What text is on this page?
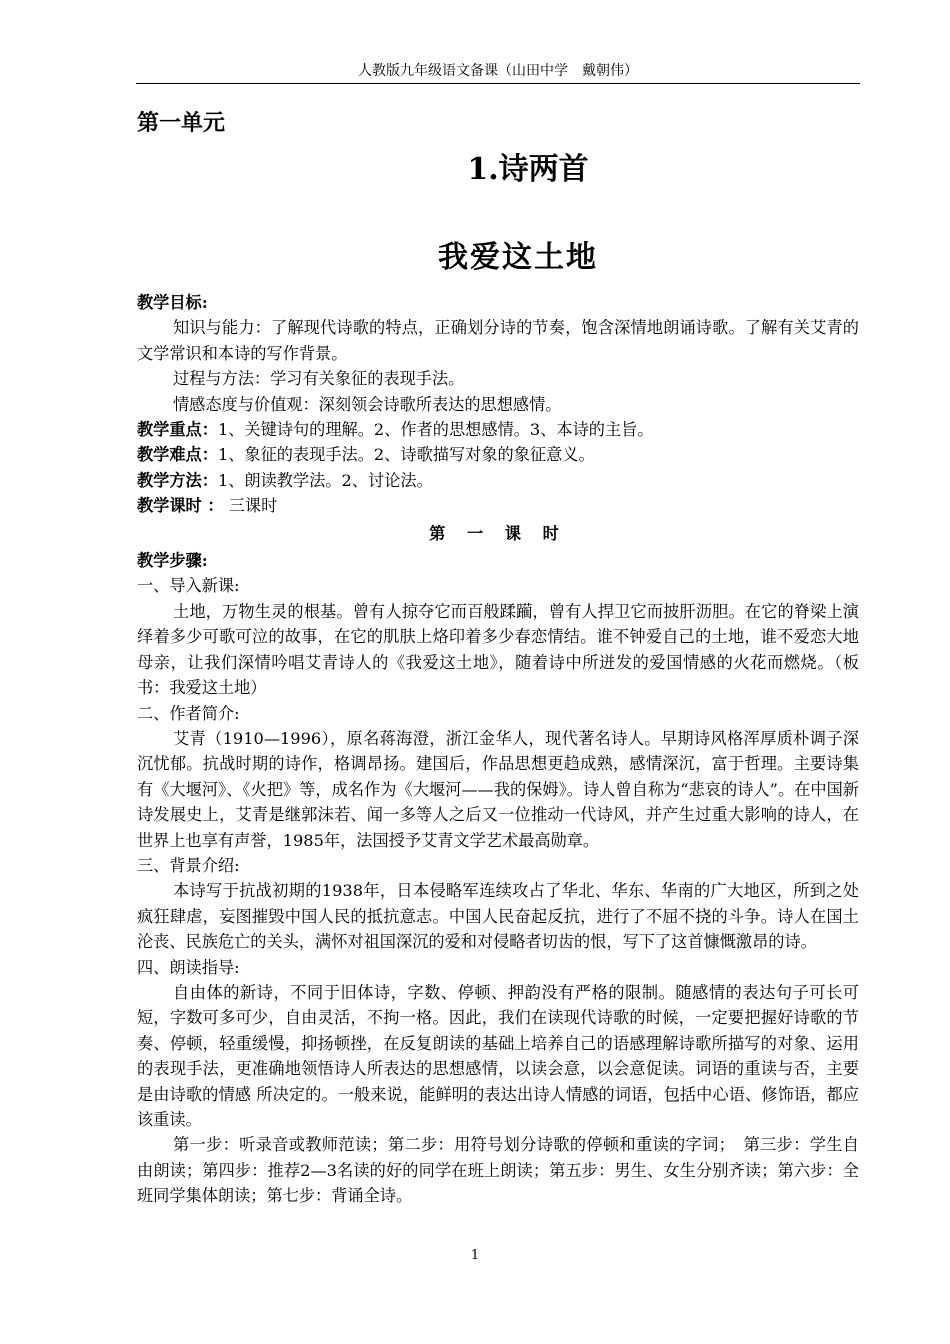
人教版九年级语文备课（山田中学　戴朝伟）
第一单元
1.诗两首
我爱这土地

教学目标:

知识与能力：了解现代诗歌的特点，正确划分诗的节奏，饱含深情地朗诵诗歌。了解有关艾青的文学常识和本诗的写作背景。

过程与方法：学习有关象征的表现手法。

情感态度与价值观：深刻领会诗歌所表达的思想感情。

教学重点：1、关键诗句的理解。2、作者的思想感情。3、本诗的主旨。

教学难点：1、象征的表现手法。2、诗歌描写对象的象征意义。

教学方法：1、朗读教学法。2、讨论法。

教学课时 ： 三课时

第 一 课 时

教学步骤:

一、导入新课:

土地，万物生灵的根基。曾有人掠夺它而百般蹂躏，曾有人捍卫它而披肝沥胆。在它的脊梁上演绎着多少可歌可泣的故事，在它的肌肤上烙印着多少春恋情结。谁不钟爱自己的土地，谁不爱恋大地母亲，让我们深情吟唱艾青诗人的《我爱这土地》，随着诗中所迸发的爱国情感的火花而燃烧。（板书：我爱这土地）

二、作者简介:

艾青（1910—1996），原名蒋海澄，浙江金华人，现代著名诗人。早期诗风格浑厚质朴调子深沉忧郁。抗战时期的诗作，格调昂扬。建国后，作品思想更趋成熟，感情深沉，富于哲理。主要诗集有《大堰河》、《火把》等，成名作为《大堰河——我的保姆》。诗人曾自称为“悲哀的诗人”。在中国新诗发展史上，艾青是继郭沫若、闻一多等人之后又一位推动一代诗风，并产生过重大影响的诗人，在世界上也享有声誉，1985年，法国授予艾青文学艺术最高勋章。

三、背景介绍:

本诗写于抗战初期的1938年，日本侵略军连续攻占了华北、华东、华南的广大地区，所到之处疯狂肆虐，妄图摧毁中国人民的抵抗意志。中国人民奋起反抗，进行了不屈不挠的斗争。诗人在国土沦丧、民族危亡的关头，满怀对祖国深沉的爱和对侵略者切齿的恨，写下了这首慷慨激昂的诗。

四、朗读指导:

自由体的新诗，不同于旧体诗，字数、停顿、押韵没有严格的限制。随感情的表达句子可长可短，字数可多可少，自由灵活，不拘一格。因此，我们在读现代诗歌的时候，一定要把握好诗歌的节奏、停顿，轻重缓慢，抑扬顿挫，在反复朗读的基础上培养自己的语感理解诗歌所描写的对象、运用的表现手法，更准确地领悟诗人所表达的思想感情，以读会意，以会意促读。词语的重读与否，主要是由诗歌的情感 所决定的。一般来说，能鲜明的表达出诗人情感的词语，包括中心语、修饰语，都应该重读。

第一步：听录音或教师范读；第二步：用符号划分诗歌的停顿和重读的字词；　第三步：学生自由朗读；第四步：推荐2—3名读的好的同学在班上朗读；第五步：男生、女生分别齐读；第六步：全班同学集体朗读；第七步：背诵全诗。

1
